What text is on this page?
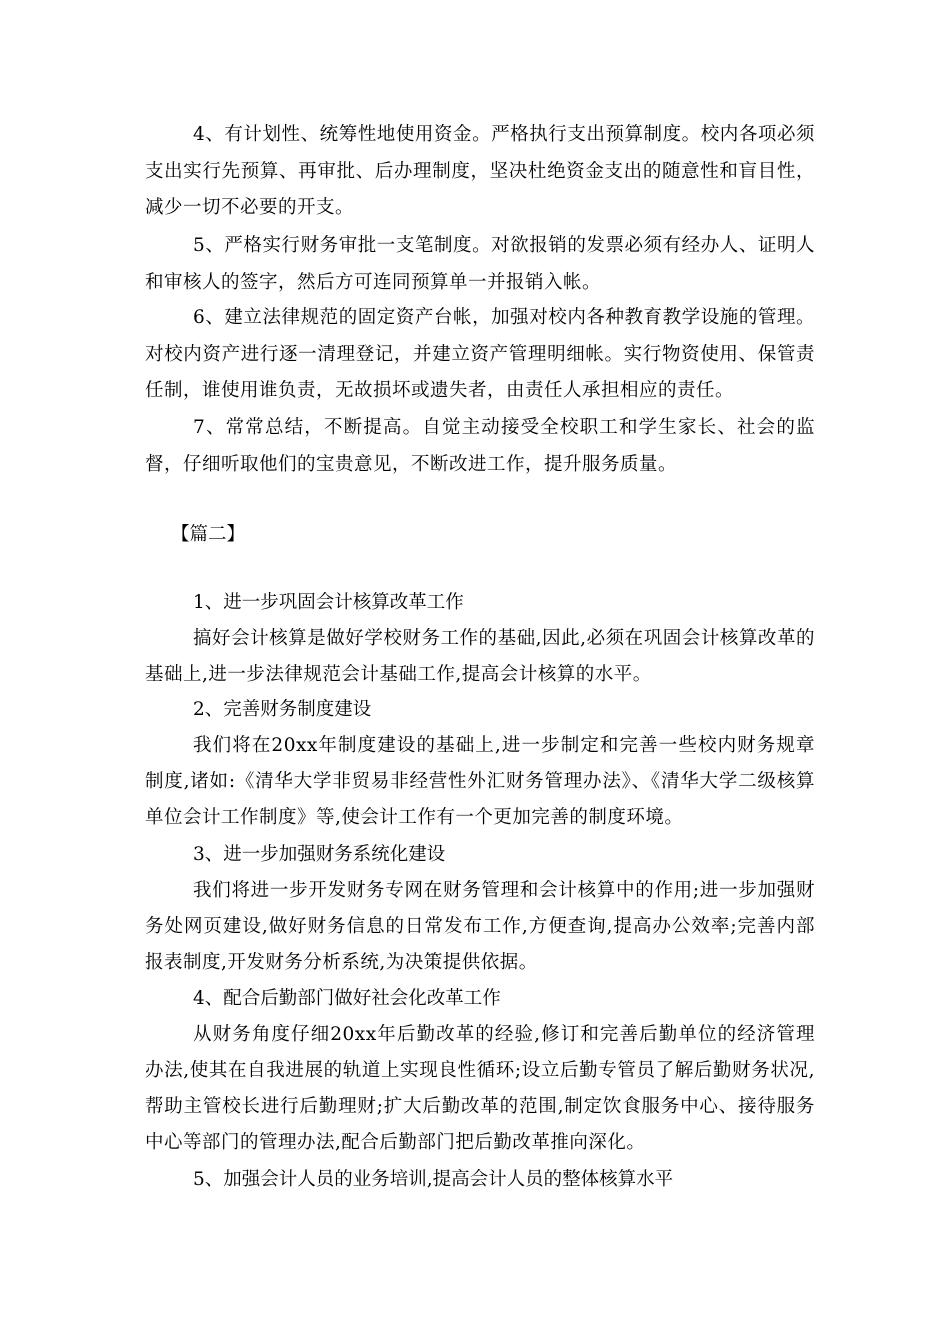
4、有计划性、统筹性地使用资金。严格执行支出预算制度。校内各项必须支出实行先预算、再审批、后办理制度，坚决杜绝资金支出的随意性和盲目性，减少一切不必要的开支。

5、严格实行财务审批一支笔制度。对欲报销的发票必须有经办人、证明人和审核人的签字，然后方可连同预算单一并报销入帐。

6、建立法律规范的固定资产台帐，加强对校内各种教育教学设施的管理。对校内资产进行逐一清理登记，并建立资产管理明细帐。实行物资使用、保管责任制，谁使用谁负责，无故损坏或遗失者，由责任人承担相应的责任。

7、常常总结，不断提高。自觉主动接受全校职工和学生家长、社会的监督，仔细听取他们的宝贵意见，不断改进工作，提升服务质量。

【篇二】

1、进一步巩固会计核算改革工作

搞好会计核算是做好学校财务工作的基础,因此,必须在巩固会计核算改革的基础上,进一步法律规范会计基础工作,提高会计核算的水平。

2、完善财务制度建设

我们将在20xx年制度建设的基础上,进一步制定和完善一些校内财务规章制度,诸如:《清华大学非贸易非经营性外汇财务管理办法》、《清华大学二级核算单位会计工作制度》等,使会计工作有一个更加完善的制度环境。

3、进一步加强财务系统化建设

我们将进一步开发财务专网在财务管理和会计核算中的作用;进一步加强财务处网页建设,做好财务信息的日常发布工作,方便查询,提高办公效率;完善内部报表制度,开发财务分析系统,为决策提供依据。

4、配合后勤部门做好社会化改革工作

从财务角度仔细20xx年后勤改革的经验,修订和完善后勤单位的经济管理办法,使其在自我进展的轨道上实现良性循环;设立后勤专管员了解后勤财务状况,帮助主管校长进行后勤理财;扩大后勤改革的范围,制定饮食服务中心、接待服务中心等部门的管理办法,配合后勤部门把后勤改革推向深化。

5、加强会计人员的业务培训,提高会计人员的整体核算水平
